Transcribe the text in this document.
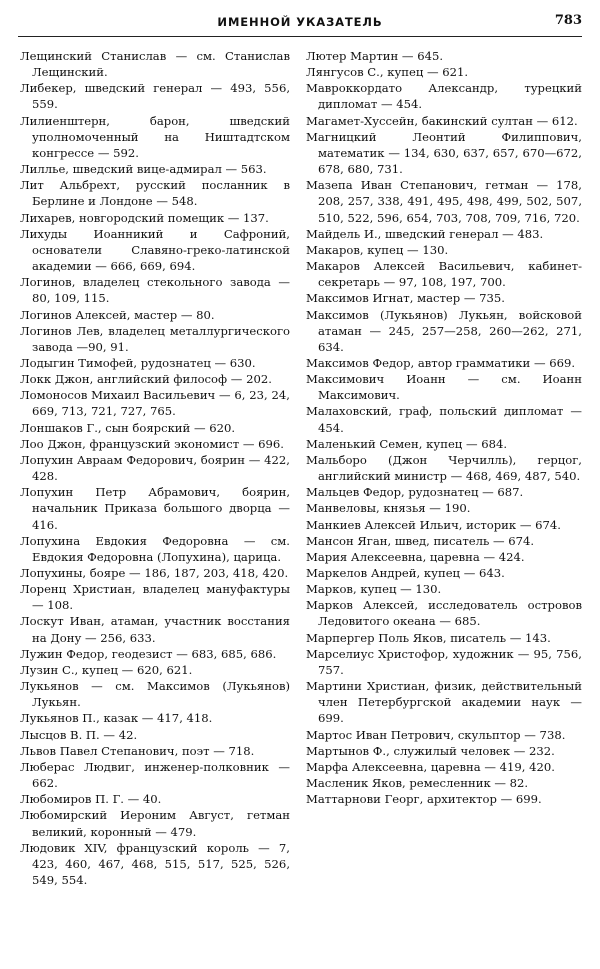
ИМЕННОЙ УКАЗАТЕЛЬ	783

Лещинский Станислав — см. Станислав Лещинский.

Либекер, шведский генерал — 493, 556, 559.

Лилиенштерн, барон, шведский уполномоченный на Ништадтском конгрессе — 592.

Лилльe, шведский вице-адмирал — 563.

Лит Альбрехт, русский посланник в Берлине и Лондоне — 548.

Лихарев, новгородский помещик — 137.

Лихуды Иоанникий и Сафроний, основатели Славяно-греко-латинской академии — 666, 669, 694.

Логинов, владелец стекольного завода — 80, 109, 115.

Логинов Алексей, мастер — 80.

Логинов Лев, владелец металлургического завода —90, 91.

Лодыгин Тимофей, рудознатец — 630.

Локк Джон, английский философ — 202.

Ломоносов Михаил Васильевич — 6, 23, 24, 669, 713, 721, 727, 765.

Лоншаков Г., сын боярский — 620.

Лоо Джон, французский экономист — 696.

Лопухин Авраам Федорович, боярин — 422, 428.

Лопухин Петр Абрамович, боярин, начальник Приказа большого дворца — 416.

Лопухина Евдокия Федоровна — см. Евдокия Федоровна (Лопухина), царица.

Лопухины, бояре — 186, 187, 203, 418, 420.

Лоренц Христиан, владелец мануфактуры — 108.

Лоскут Иван, атаман, участник восстания на Дону — 256, 633.

Лужин Федор, геодезист — 683, 685, 686.

Лузин С., купец — 620, 621.

Лукьянов — см. Максимов (Лукьянов) Лукьян.

Лукьянов П., казак — 417, 418.

Лысцов В. П. — 42.

Львов Павел Степанович, поэт — 718.

Люберас Людвиг, инженер-полковник — 662.

Любомиров П. Г. — 40.

Любомирский Иероним Август, гетман великий, коронный — 479.

Людовик XIV, французский король — 7, 423, 460, 467, 468, 515, 517, 525, 526, 549, 554.

Лютер Мартин — 645.

Лянгусов С., купец — 621.

Мавроккордато Александр, турецкий дипломат — 454.

Магамет-Хуссейн, бакинский султан — 612.

Магницкий Леонтий Филиппович, математик — 134, 630, 637, 657, 670—672, 678, 680, 731.

Мазепа Иван Степанович, гетман — 178, 208, 257, 338, 491, 495, 498, 499, 502, 507, 510, 522, 596, 654, 703, 708, 709, 716, 720.

Майдель И., шведский генерал — 483.

Макаров, купец — 130.

Макаров Алексей Васильевич, кабинет-секретарь — 97, 108, 197, 700.

Максимов Игнат, мастер — 735.

Максимов (Лукьянов) Лукьян, войсковой атаман — 245, 257—258, 260—262, 271, 634.

Максимов Федор, автор грамматики — 669.

Максимович Иоанн — см. Иоанн Максимович.

Малаховский, граф, польский дипломат — 454.

Маленький Семен, купец — 684.

Мальборо (Джон Черчилль), герцог, английский министр — 468, 469, 487, 540.

Мальцев Федор, рудознатец — 687.

Манвеловы, князья — 190.

Манкиев Алексей Ильич, историк — 674.

Мансон Яган, швед, писатель — 674.

Мария Алексеевна, царевна — 424.

Маркелов Андрей, купец — 643.

Марков, купец — 130.

Марков Алексей, исследователь островов Ледовитого океана — 685.

Марпергер Поль Яков, писатель — 143.

Марселиус Христофор, художник — 95, 756, 757.

Мартини Христиан, физик, действительный член Петербургской академии наук — 699.

Мартос Иван Петрович, скульптор — 738.

Мартынов Ф., служилый человек — 232.

Марфа Алексеевна, царевна — 419, 420.

Масленик Яков, ремесленник — 82.

Маттарнови Георг, архитектор — 699.
